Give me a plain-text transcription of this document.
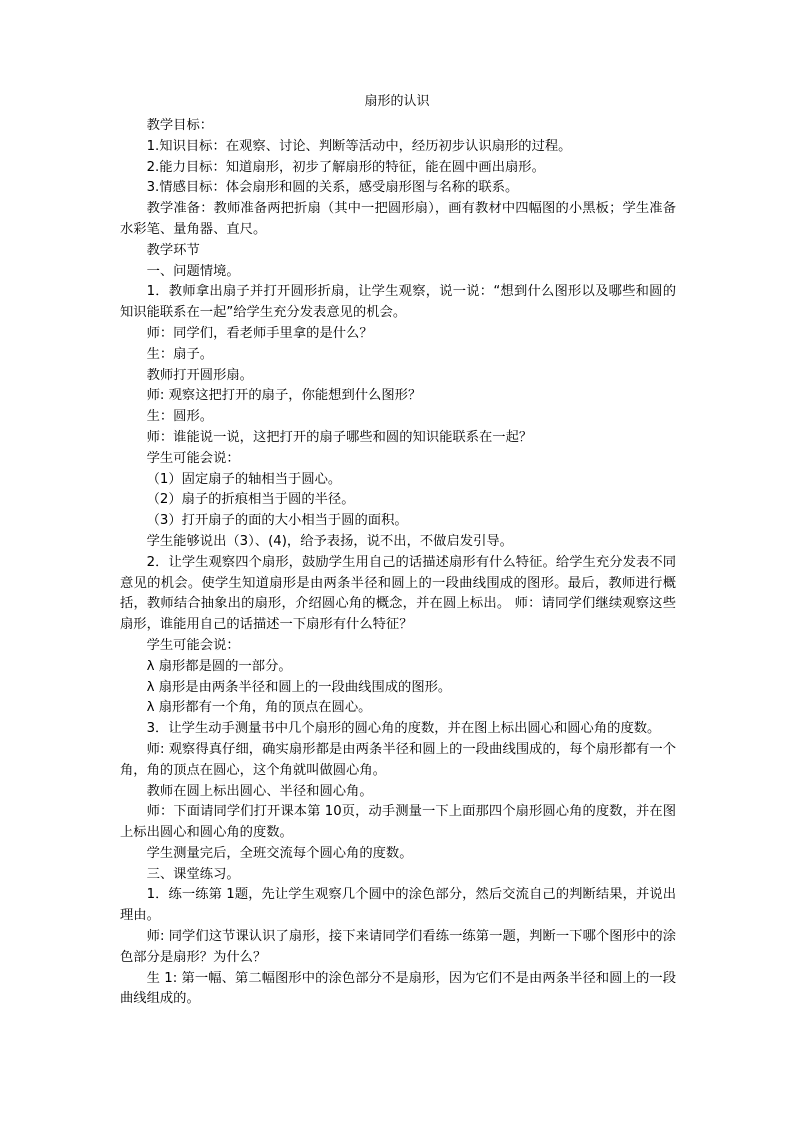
扇形的认识

教学目标：

1.知识目标：在观察、讨论、判断等活动中，经历初步认识扇形的过程。

2.能力目标：知道扇形，初步了解扇形的特征，能在圆中画出扇形。

3.情感目标：体会扇形和圆的关系，感受扇形图与名称的联系。

教学准备：教师准备两把折扇（其中一把圆形扇），画有教材中四幅图的小黑板；学生准备水彩笔、量角器、直尺。

教学环节

一、问题情境。

1．教师拿出扇子并打开圆形折扇，让学生观察，说一说：“想到什么图形以及哪些和圆的知识能联系在一起”给学生充分发表意见的机会。

师：同学们，看老师手里拿的是什么？

生：扇子。

教师打开圆形扇。

师: 观察这把打开的扇子，你能想到什么图形？

生：圆形。

师：谁能说一说，这把打开的扇子哪些和圆的知识能联系在一起？

学生可能会说：

（1）固定扇子的轴相当于圆心。

（2）扇子的折痕相当于圆的半径。

（3）打开扇子的面的大小相当于圆的面积。

学生能够说出（3）、(4)，给予表扬，说不出，不做启发引导。

2．让学生观察四个扇形，鼓励学生用自己的话描述扇形有什么特征。给学生充分发表不同意见的机会。使学生知道扇形是由两条半径和圆上的一段曲线围成的图形。最后，教师进行概括，教师结合抽象出的扇形，介绍圆心角的概念，并在圆上标出。 师：请同学们继续观察这些扇形，谁能用自己的话描述一下扇形有什么特征？

学生可能会说：

λ 扇形都是圆的一部分。

λ 扇形是由两条半径和圆上的一段曲线围成的图形。

λ 扇形都有一个角，角的顶点在圆心。

3．让学生动手测量书中几个扇形的圆心角的度数，并在图上标出圆心和圆心角的度数。

师: 观察得真仔细，确实扇形都是由两条半径和圆上的一段曲线围成的，每个扇形都有一个角，角的顶点在圆心，这个角就叫做圆心角。

教师在圆上标出圆心、半径和圆心角。

师：下面请同学们打开课本第 10页，动手测量一下上面那四个扇形圆心角的度数，并在图上标出圆心和圆心角的度数。

学生测量完后，全班交流每个圆心角的度数。

三、课堂练习。

1．练一练第 1题，先让学生观察几个圆中的涂色部分，然后交流自己的判断结果，并说出理由。

师: 同学们这节课认识了扇形，接下来请同学们看练一练第一题，判断一下哪个图形中的涂色部分是扇形？为什么？

生 1: 第一幅、第二幅图形中的涂色部分不是扇形，因为它们不是由两条半径和圆上的一段曲线组成的。
